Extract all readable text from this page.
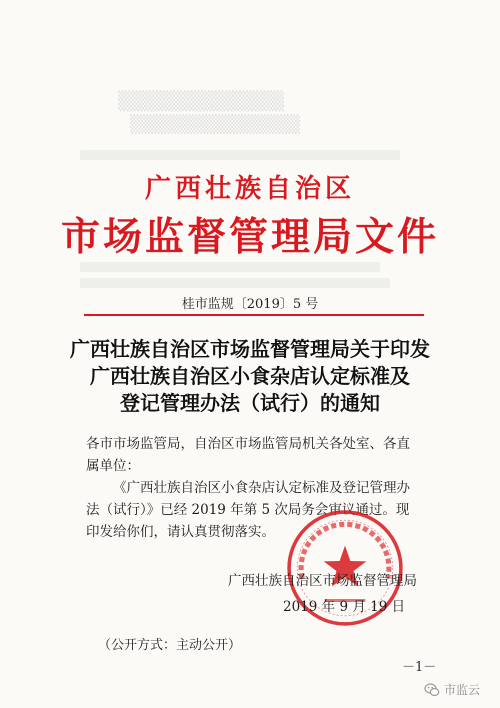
▒▒▒▒▒▒▒▒▒▒▒▒
▒▒▒▒▒▒▒▒▒▒▒▒▒
广西壮族自治区
市场监督管理局文件
桂市监规〔2019〕5 号
广西壮族自治区市场监督管理局关于印发
广西壮族自治区小食杂店认定标准及
登记管理办法（试行）的通知

各市市场监管局，自治区市场监管局机关各处室、各直属单位：

《广西壮族自治区小食杂店认定标准及登记管理办法（试行）》已经 2019 年第 5 次局务会审议通过。现印发给你们，请认真贯彻落实。

广西壮族自治区市场监督管理局
2019 年 9 月 19 日
（公开方式：主动公开）
－1－
市监云
